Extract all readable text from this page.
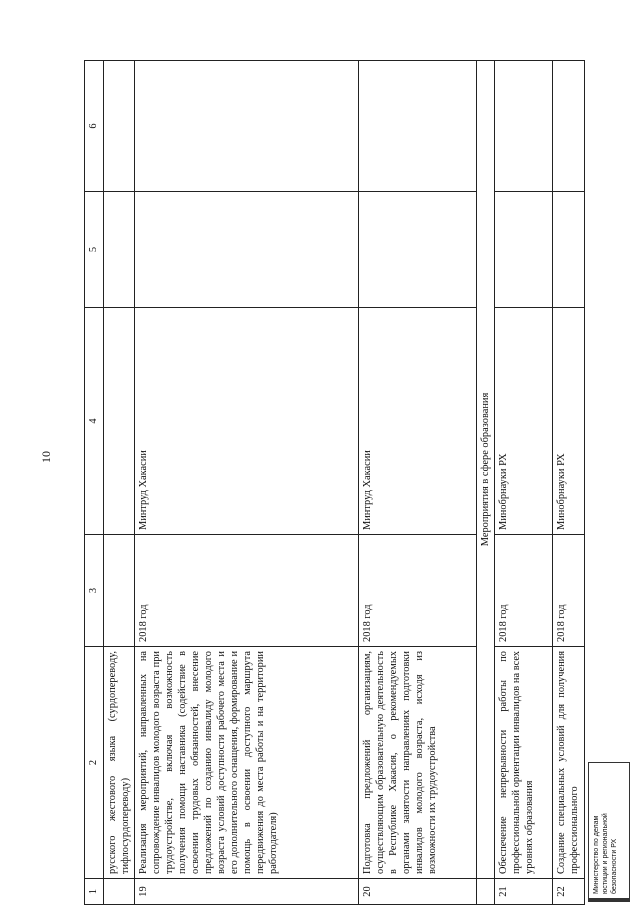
10
1	2	3	4	5	6
	русского жестового языка (сурдопереводу, тифлосурдопереводу)				
19	Реализация мероприятий, направленных на сопровождение инвалидов молодого возраста при трудоустройстве, включая возможность получения помощи наставника (содействие в освоении трудовых обязанностей, внесение предложений по созданию инвалиду молодого возраста условий доступности рабочего места и его дополнительного оснащения, формирование и помощь в освоении доступного маршрута передвижения до места работы и на территории работодателя)	2018 год	Минтруд Хакасии		
20	Подготовка предложений организациям, осуществляющим образовательную деятельность в Республике Хакасия, о рекомендуемых органами занятости направлениях подготовки инвалидов молодого возраста, исходя из возможности их трудоустройства	2018 год	Минтруд Хакасии		
	Мероприятия в сфере образования				
21	Обеспечение непрерывности работы по профессиональной ориентации инвалидов на всех уровнях образования	2018 год	Минобрнауки РХ		
22	Создание специальных условий для получения профессионального	2018 год	Минобрнауки РХ		
Министерство по делам юстиции и региональной безопасности РХ
